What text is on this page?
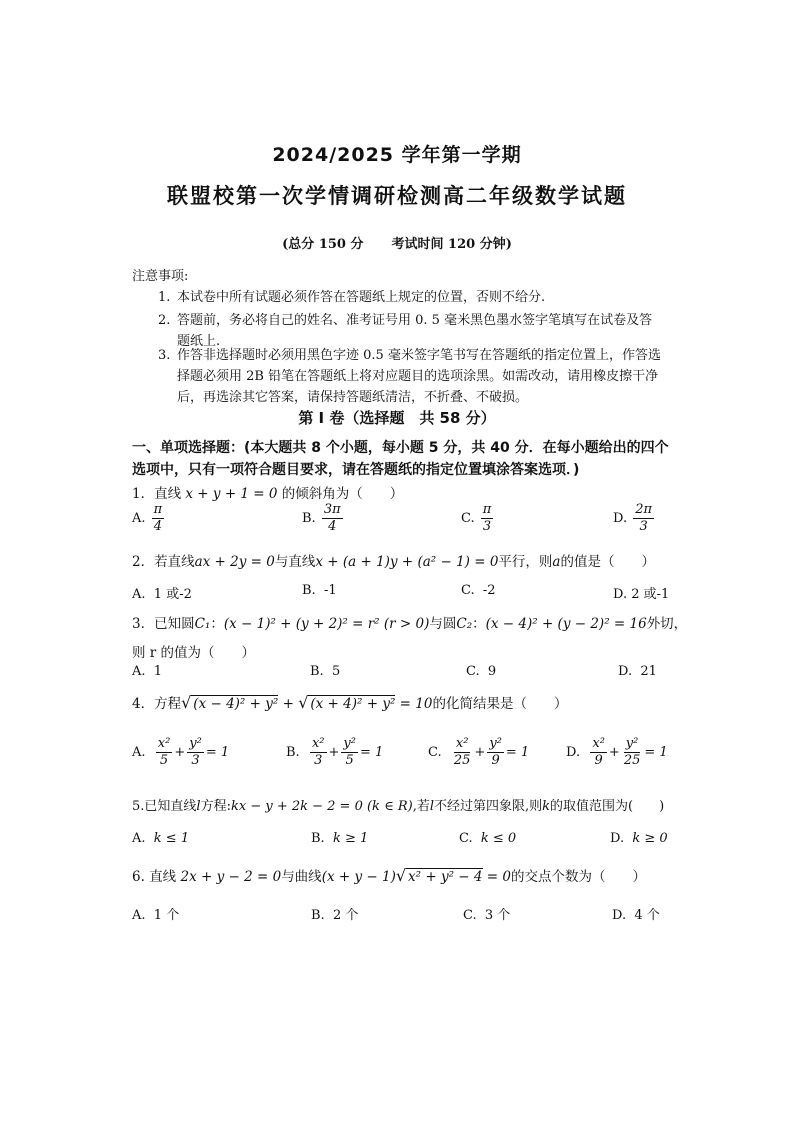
2024/2025 学年第一学期
联盟校第一次学情调研检测高二年级数学试题
(总分 150 分 考试时间 120 分钟)
注意事项:
1. 本试卷中所有试题必须作答在答题纸上规定的位置，否则不给分.
2. 答题前，务必将自己的姓名、准考证号用 0. 5 毫米黑色墨水签字笔填写在试卷及答题纸上.
3. 作答非选择题时必须用黑色字迹 0.5 毫米签字笔书写在答题纸的指定位置上，作答选择题必须用 2B 铅笔在答题纸上将对应题目的选项涂黑。如需改动，请用橡皮擦干净后，再选涂其它答案，请保持答题纸清洁，不折叠、不破损。
第 I 卷（选择题　共 58 分）
一、单项选择题：(本大题共 8 个小题，每小题 5 分，共 40 分．在每小题给出的四个选项中，只有一项符合题目要求，请在答题纸的指定位置填涂答案选项．)
1．直线 x + y + 1 = 0 的倾斜角为（　　）
A. $\frac{\pi}{4}$	B. $\frac{3\pi}{4}$	C. $\frac{\pi}{3}$	D. $\frac{2\pi}{3}$
2．若直线ax + 2y = 0与直线x + (a + 1)y + (a² − 1) = 0平行，则a的值是（　　）
A. 1 或-2	B. -1	C. -2	D. 2 或-1
3．已知圆C₁：(x − 1)² + (y + 2)² = r² (r > 0)与圆C₂：(x − 4)² + (y − 2)² = 16外切，
则 r 的值为（　　）
A. 1	B. 5	C. 9	D. 21
4．方程√ (x − 4)² + y² + √ (x + 4)² + y² = 10的化简结果是（　　）
A. $\frac{\text{x²}}{5} + \frac{\text{y²}}{3} = 1$	B. $\frac{\text{x²}}{3} + \frac{\text{y²}}{5} = 1$	C. $\frac{\text{x²}}{25} + \frac{\text{y²}}{9} = 1$	D. $\frac{\text{x²}}{9} + \frac{\text{y²}}{25} = 1$
5.已知直线l方程:kx − y + 2k − 2 = 0 (k ∈ R),若l不经过第四象限,则k的取值范围为(　　)
A. k ≤ 1	B. k ≥ 1	C. k ≤ 0	D. k ≥ 0
6. 直线 2x + y − 2 = 0与曲线(x + y − 1)√ x² + y² − 4 = 0的交点个数为（　　）
A. 1 个	B. 2 个	C. 3 个	D. 4 个
